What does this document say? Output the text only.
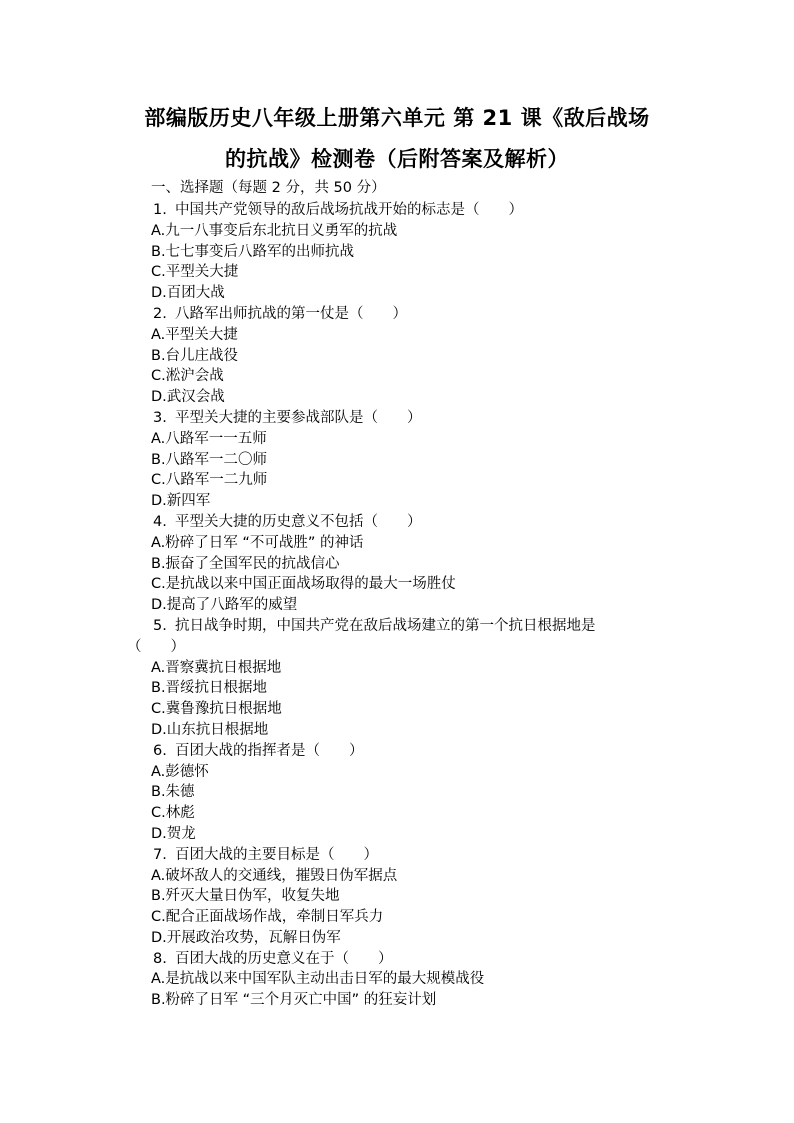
部编版历史八年级上册第六单元 第 21 课《敌后战场
的抗战》检测卷（后附答案及解析）
一、选择题（每题 2 分，共 50 分）
1. 中国共产党领导的敌后战场抗战开始的标志是（　　）
A.九一八事变后东北抗日义勇军的抗战
B.七七事变后八路军的出师抗战
C.平型关大捷
D.百团大战
2. 八路军出师抗战的第一仗是（　　）
A.平型关大捷
B.台儿庄战役
C.淞沪会战
D.武汉会战
3. 平型关大捷的主要参战部队是（　　）
A.八路军一一五师
B.八路军一二〇师
C.八路军一二九师
D.新四军
4. 平型关大捷的历史意义不包括（　　）
A.粉碎了日军 “不可战胜” 的神话
B.振奋了全国军民的抗战信心
C.是抗战以来中国正面战场取得的最大一场胜仗
D.提高了八路军的威望
5. 抗日战争时期，中国共产党在敌后战场建立的第一个抗日根据地是
（　　）
A.晋察冀抗日根据地
B.晋绥抗日根据地
C.冀鲁豫抗日根据地
D.山东抗日根据地
6. 百团大战的指挥者是（　　）
A.彭德怀
B.朱德
C.林彪
D.贺龙
7. 百团大战的主要目标是（　　）
A.破坏敌人的交通线，摧毁日伪军据点
B.歼灭大量日伪军，收复失地
C.配合正面战场作战，牵制日军兵力
D.开展政治攻势，瓦解日伪军
8. 百团大战的历史意义在于（　　）
A.是抗战以来中国军队主动出击日军的最大规模战役
B.粉碎了日军 “三个月灭亡中国” 的狂妄计划
